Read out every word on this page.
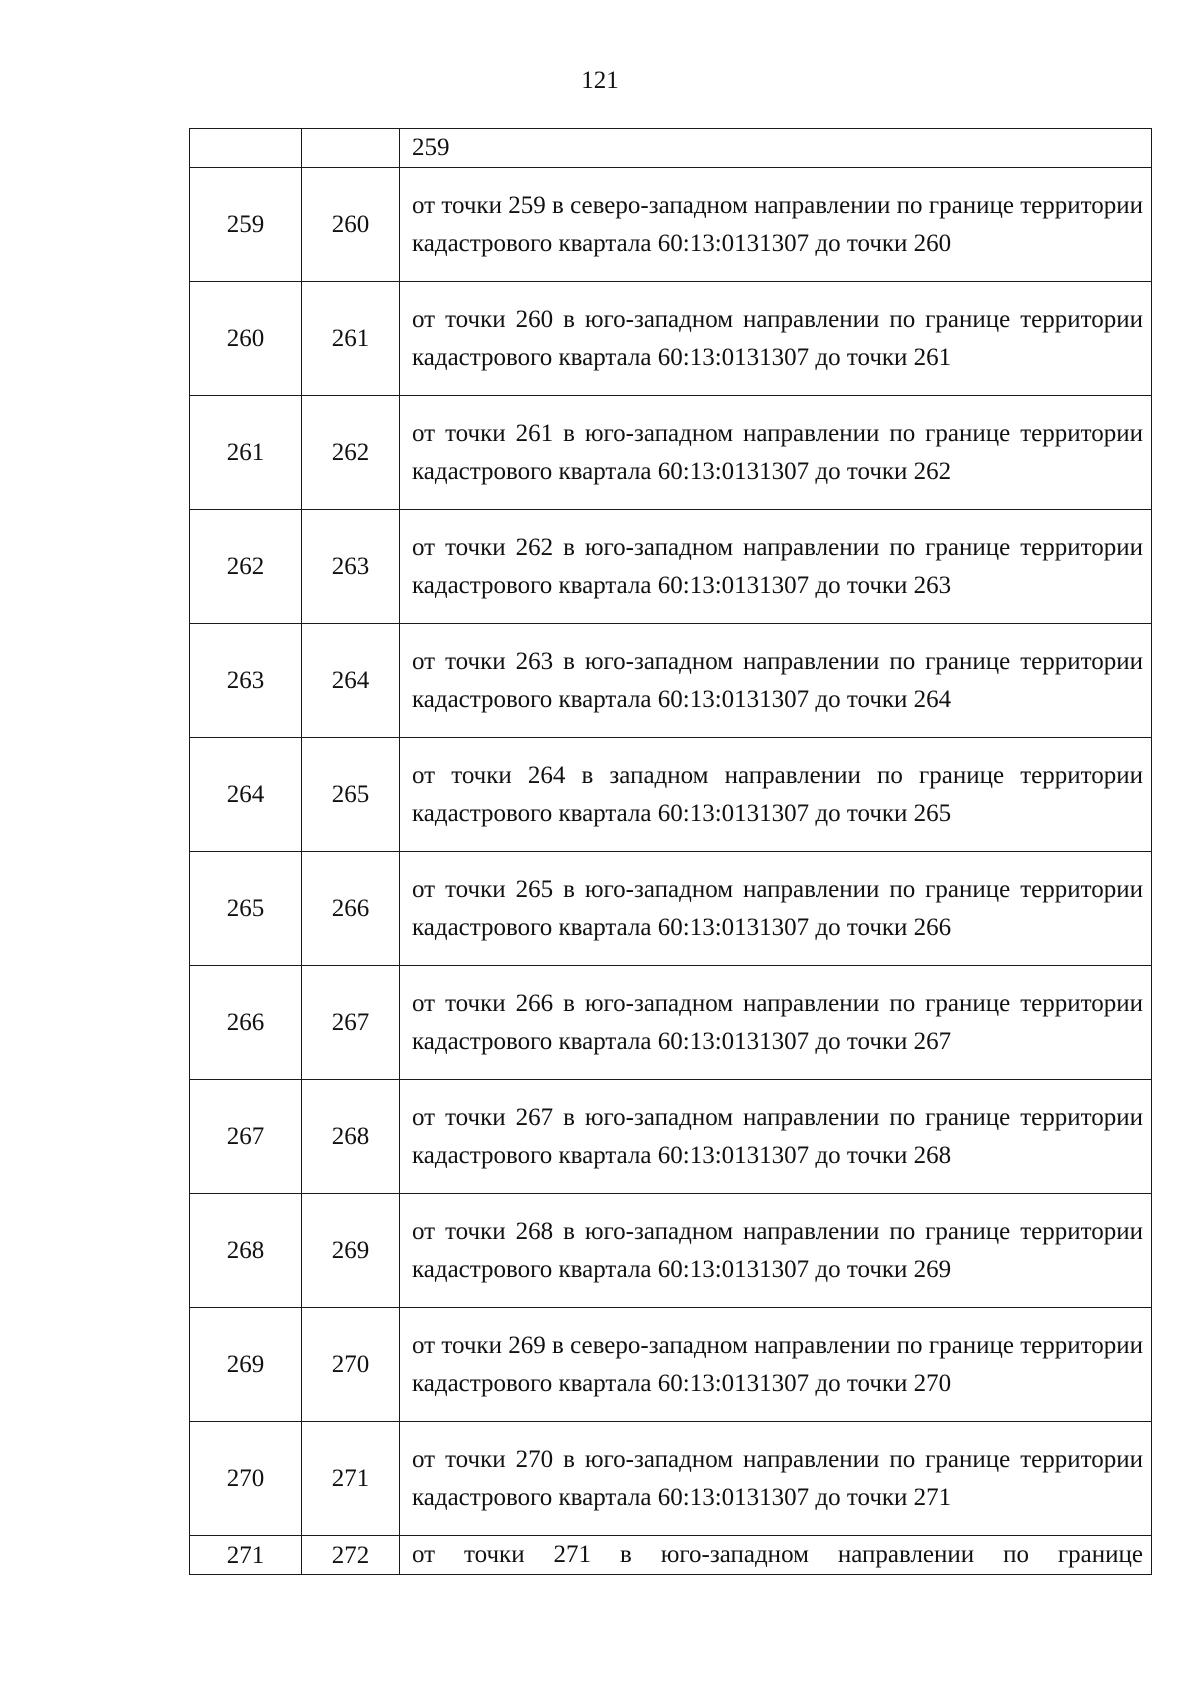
121
		259
259	260	от точки 259 в северо-западном направлении по границе территории кадастрового квартала 60:13:0131307 до точки 260
260	261	от точки 260 в юго-западном направлении по границе территории кадастрового квартала 60:13:0131307 до точки 261
261	262	от точки 261 в юго-западном направлении по границе территории кадастрового квартала 60:13:0131307 до точки 262
262	263	от точки 262 в юго-западном направлении по границе территории кадастрового квартала 60:13:0131307 до точки 263
263	264	от точки 263 в юго-западном направлении по границе территории кадастрового квартала 60:13:0131307 до точки 264
264	265	от точки 264 в западном направлении по границе территории кадастрового квартала 60:13:0131307 до точки 265
265	266	от точки 265 в юго-западном направлении по границе территории кадастрового квартала 60:13:0131307 до точки 266
266	267	от точки 266 в юго-западном направлении по границе территории кадастрового квартала 60:13:0131307 до точки 267
267	268	от точки 267 в юго-западном направлении по границе территории кадастрового квартала 60:13:0131307 до точки 268
268	269	от точки 268 в юго-западном направлении по границе территории кадастрового квартала 60:13:0131307 до точки 269
269	270	от точки 269 в северо-западном направлении по границе территории кадастрового квартала 60:13:0131307 до точки 270
270	271	от точки 270 в юго-западном направлении по границе территории кадастрового квартала 60:13:0131307 до точки 271
271	272	от точки 271 в юго-западном направлении по границе
